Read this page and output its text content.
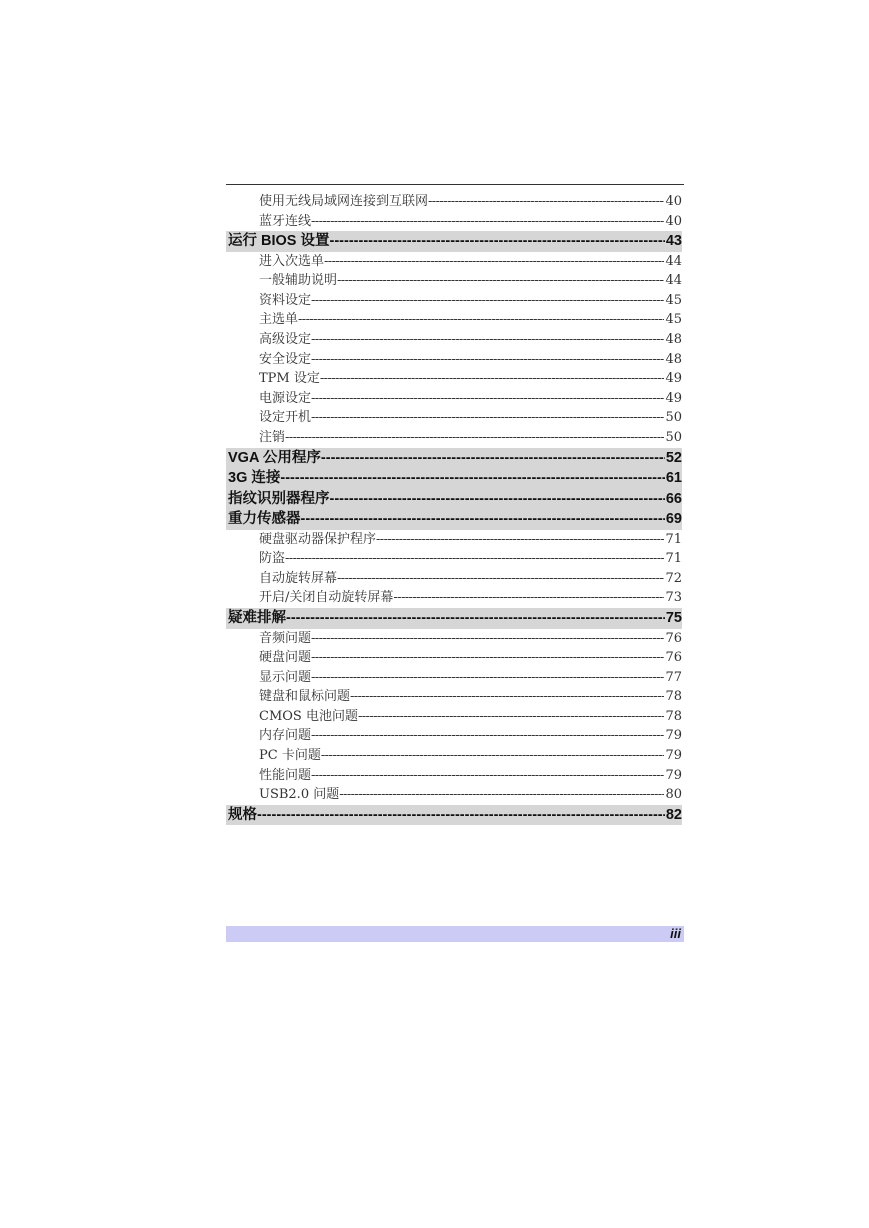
使用无线局域网连接到互联网 -----	40
蓝牙连线 -----	40
运行 BIOS 设置 -----	43
进入次选单 -----	44
一般辅助说明 -----	44
资料设定 -----	45
主选单 -----	45
高级设定 -----	48
安全设定 -----	48
TPM 设定 -----	49
电源设定 -----	49
设定开机 -----	50
注销 -----	50
VGA 公用程序 -----	52
3G 连接 -----	61
指纹识别器程序 -----	66
重力传感器 -----	69
硬盘驱动器保护程序 -----	71
防盗 -----	71
自动旋转屏幕 -----	72
开启/关闭自动旋转屏幕 -----	73
疑难排解 -----	75
音频问题 -----	76
硬盘问题 -----	76
显示问题 -----	77
键盘和鼠标问题 -----	78
CMOS 电池问题 -----	78
内存问题 -----	79
PC 卡问题 -----	79
性能问题 -----	79
USB2.0 问题 -----	80
规格 -----	82
iii
